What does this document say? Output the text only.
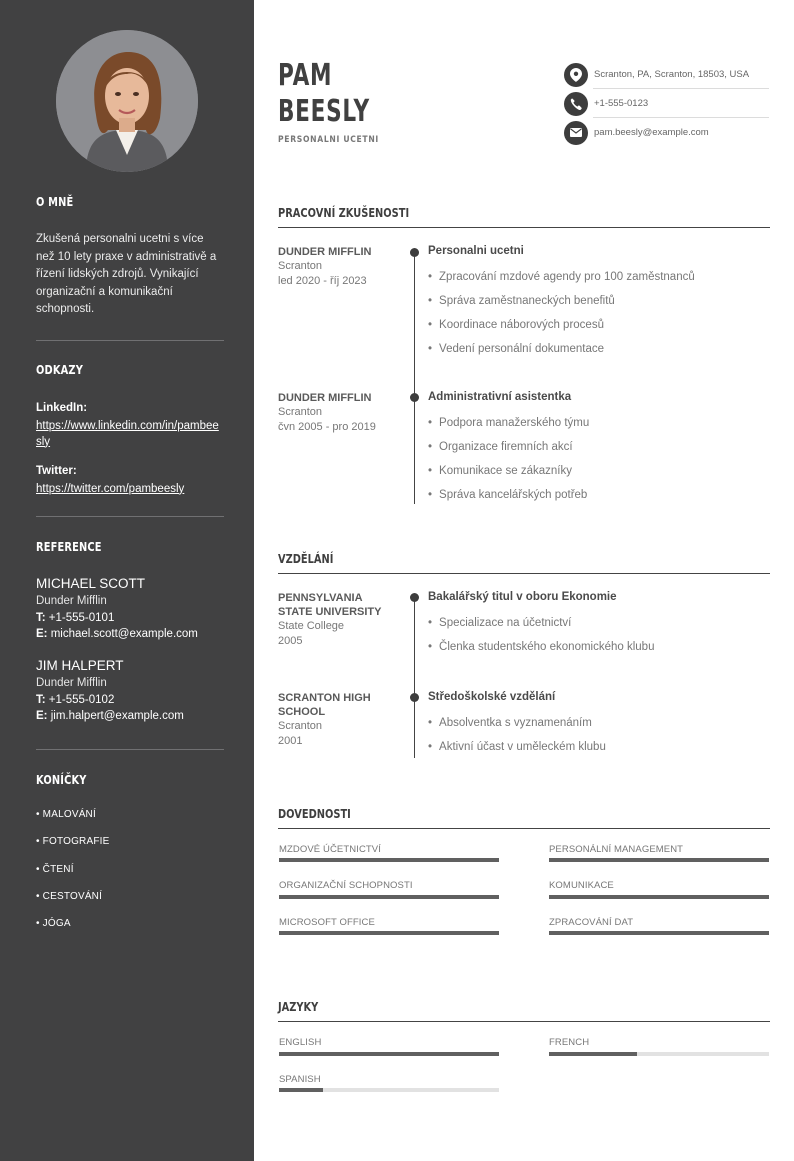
O MNĚ
Zkušená personalni ucetni s více než 10 lety praxe v administrativě a řízení lidských zdrojů. Vynikající organizační a komunikační schopnosti.
ODKAZY
LinkedIn:
https://www.linkedin.com/in/pambeesly
Twitter:
https://twitter.com/pambeesly
REFERENCE
MICHAEL SCOTT
Dunder Mifflin
T: +1-555-0101
E: michael.scott@example.com
JIM HALPERT
Dunder Mifflin
T: +1-555-0102
E: jim.halpert@example.com
KONÍČKY
• MALOVÁNÍ
• FOTOGRAFIE
• ČTENÍ
• CESTOVÁNÍ
• JÓGA
PAM
BEESLY
PERSONALNI UCETNI
Scranton, PA, Scranton, 18503, USA
+1-555-0123
pam.beesly@example.com
PRACOVNÍ ZKUŠENOSTI
DUNDER MIFFLIN
Scranton
led 2020 - říj 2023
Personalni ucetni
• Zpracování mzdové agendy pro 100 zaměstnanců
• Správa zaměstnaneckých benefitů
• Koordinace náborových procesů
• Vedení personální dokumentace
DUNDER MIFFLIN
Scranton
čvn 2005 - pro 2019
Administrativní asistentka
• Podpora manažerského týmu
• Organizace firemních akcí
• Komunikace se zákazníky
• Správa kancelářských potřeb
VZDĚLÁNÍ
PENNSYLVANIA STATE UNIVERSITY
State College
2005
Bakalářský titul v oboru Ekonomie
• Specializace na účetnictví
• Členka studentského ekonomického klubu
SCRANTON HIGH SCHOOL
Scranton
2001
Středoškolské vzdělání
• Absolventka s vyznamenáním
• Aktivní účast v uměleckém klubu
DOVEDNOSTI
MZDOVÉ ÚČETNICTVÍ	PERSONÁLNÍ MANAGEMENT
ORGANIZAČNÍ SCHOPNOSTI	KOMUNIKACE
MICROSOFT OFFICE	ZPRACOVÁNÍ DAT
JAZYKY
ENGLISH	FRENCH
SPANISH
